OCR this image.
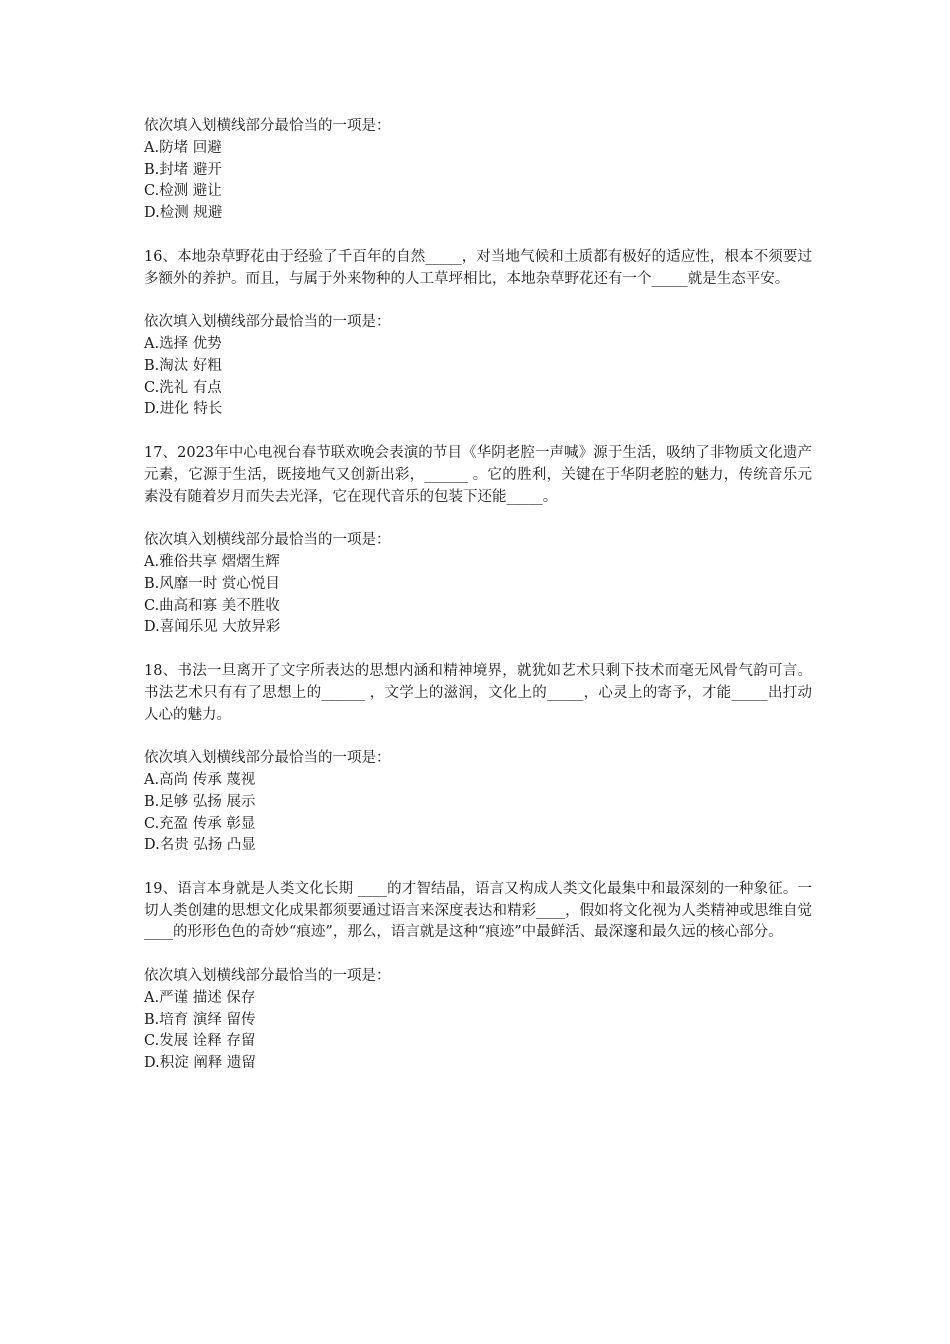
依次填入划横线部分最恰当的一项是：
A.防堵 回避
B.封堵 避开
C.检测 避让
D.检测 规避
16、本地杂草野花由于经验了千百年的自然_____，对当地气候和土质都有极好的适应性，根本不须要过多额外的养护。而且，与属于外来物种的人工草坪相比，本地杂草野花还有一个_____就是生态平安。
依次填入划横线部分最恰当的一项是：
A.选择 优势
B.淘汰 好粗
C.洗礼 有点
D.进化 特长
17、2023年中心电视台春节联欢晚会表演的节目《华阴老腔一声喊》源于生活，吸纳了非物质文化遗产元素，它源于生活，既接地气又创新出彩，______ 。它的胜利，关键在于华阴老腔的魅力，传统音乐元素没有随着岁月而失去光泽，它在现代音乐的包装下还能_____。
依次填入划横线部分最恰当的一项是：
A.雅俗共享 熠熠生辉
B.风靡一时 赏心悦目
C.曲高和寡 美不胜收
D.喜闻乐见 大放异彩
18、书法一旦离开了文字所表达的思想内涵和精神境界，就犹如艺术只剩下技术而毫无风骨气韵可言。书法艺术只有有了思想上的______ ，文学上的滋润，文化上的_____，心灵上的寄予，才能_____出打动人心的魅力。
依次填入划横线部分最恰当的一项是：
A.高尚 传承 蔑视
B.足够 弘扬 展示
C.充盈 传承 彰显
D.名贵 弘扬 凸显
19、语言本身就是人类文化长期 ____的才智结晶，语言又构成人类文化最集中和最深刻的一种象征。一切人类创建的思想文化成果都须要通过语言来深度表达和精彩____，假如将文化视为人类精神或思维自觉____的形形色色的奇妙“痕迹”，那么，语言就是这种“痕迹”中最鲜活、最深邃和最久远的核心部分。
依次填入划横线部分最恰当的一项是：
A.严谨 描述 保存
B.培育 演绎 留传
C.发展 诠释 存留
D.积淀 阐释 遗留
